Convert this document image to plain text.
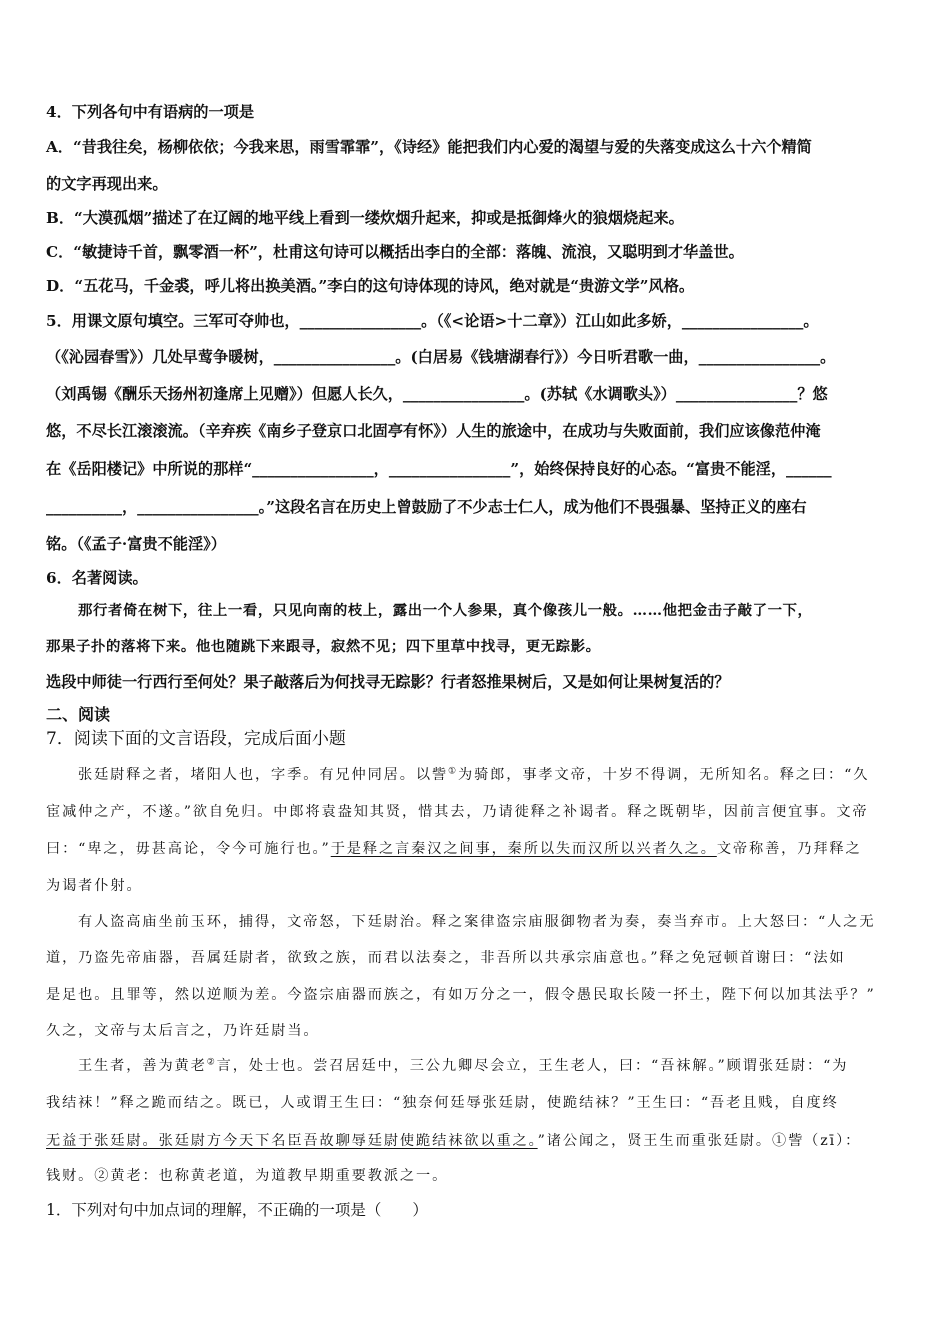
4．下列各句中有语病的一项是
A．“昔我往矣，杨柳依依；今我来思，雨雪霏霏”，《诗经》能把我们内心爱的渴望与爱的失落变成这么十六个精简
的文字再现出来。
B．“大漠孤烟”描述了在辽阔的地平线上看到一缕炊烟升起来，抑或是抵御烽火的狼烟烧起来。
C．“敏捷诗千首，飘零酒一杯”，杜甫这句诗可以概括出李白的全部：落魄、流浪，又聪明到才华盖世。
D．“五花马，千金裘，呼儿将出换美酒。”李白的这句诗体现的诗风，绝对就是“贵游文学”风格。
5．用课文原句填空。三军可夺帅也，________________。（《<论语>十二章》）江山如此多娇，________________。
（《沁园春雪》）几处早莺争暖树，________________。(白居易《钱塘湖春行》）今日听君歌一曲，________________。
（刘禹锡《酬乐天扬州初逢席上见赠》）但愿人长久，________________。(苏轼《水调歌头》）________________？悠
悠，不尽长江滚滚流。（辛弃疾《南乡子登京口北固亭有怀》）人生的旅途中，在成功与失败面前，我们应该像范仲淹
在《岳阳楼记》中所说的那样“________________，________________”，始终保持良好的心态。“富贵不能淫，______
__________，________________。”这段名言在历史上曾鼓励了不少志士仁人，成为他们不畏强暴、坚持正义的座右
铭。（《孟子·富贵不能淫》）
6．名著阅读。
那行者倚在树下，往上一看，只见向南的枝上，露出一个人参果，真个像孩儿一般。……他把金击子敲了一下，
那果子扑的落将下来。他也随跳下来跟寻，寂然不见；四下里草中找寻，更无踪影。
选段中师徒一行西行至何处？果子敲落后为何找寻无踪影？行者怒推果树后，又是如何让果树复活的？
二、阅读
7．阅读下面的文言语段，完成后面小题
张廷尉释之者，堵阳人也，字季。有兄仲同居。以訾①为骑郎，事孝文帝，十岁不得调，无所知名。释之曰：“久
宦减仲之产，不遂。”欲自免归。中郎将袁盎知其贤，惜其去，乃请徙释之补谒者。释之既朝毕，因前言便宜事。文帝
曰：“卑之，毋甚高论，令今可施行也。”于是释之言秦汉之间事，秦所以失而汉所以兴者久之。文帝称善，乃拜释之
为谒者仆射。
有人盗高庙坐前玉环，捕得，文帝怒，下廷尉治。释之案律盗宗庙服御物者为奏，奏当弃市。上大怒曰：“人之无
道，乃盗先帝庙器，吾属廷尉者，欲致之族，而君以法奏之，非吾所以共承宗庙意也。”释之免冠顿首谢曰：“法如
是足也。且罪等，然以逆顺为差。今盗宗庙器而族之，有如万分之一，假令愚民取长陵一抔土，陛下何以加其法乎？”
久之，文帝与太后言之，乃许廷尉当。
王生者，善为黄老②言，处士也。尝召居廷中，三公九卿尽会立，王生老人，曰：“吾袜解。”顾谓张廷尉：“为
我结袜！”释之跪而结之。既已，人或谓王生曰：“独奈何廷辱张廷尉，使跪结袜？”王生曰：“吾老且贱，自度终
无益于张廷尉。张廷尉方今天下名臣吾故聊辱廷尉使跪结袜欲以重之。”诸公闻之，贤王生而重张廷尉。①訾（zī）：
钱财。②黄老：也称黄老道，为道教早期重要教派之一。
1．下列对句中加点词的理解，不正确的一项是（　　）
